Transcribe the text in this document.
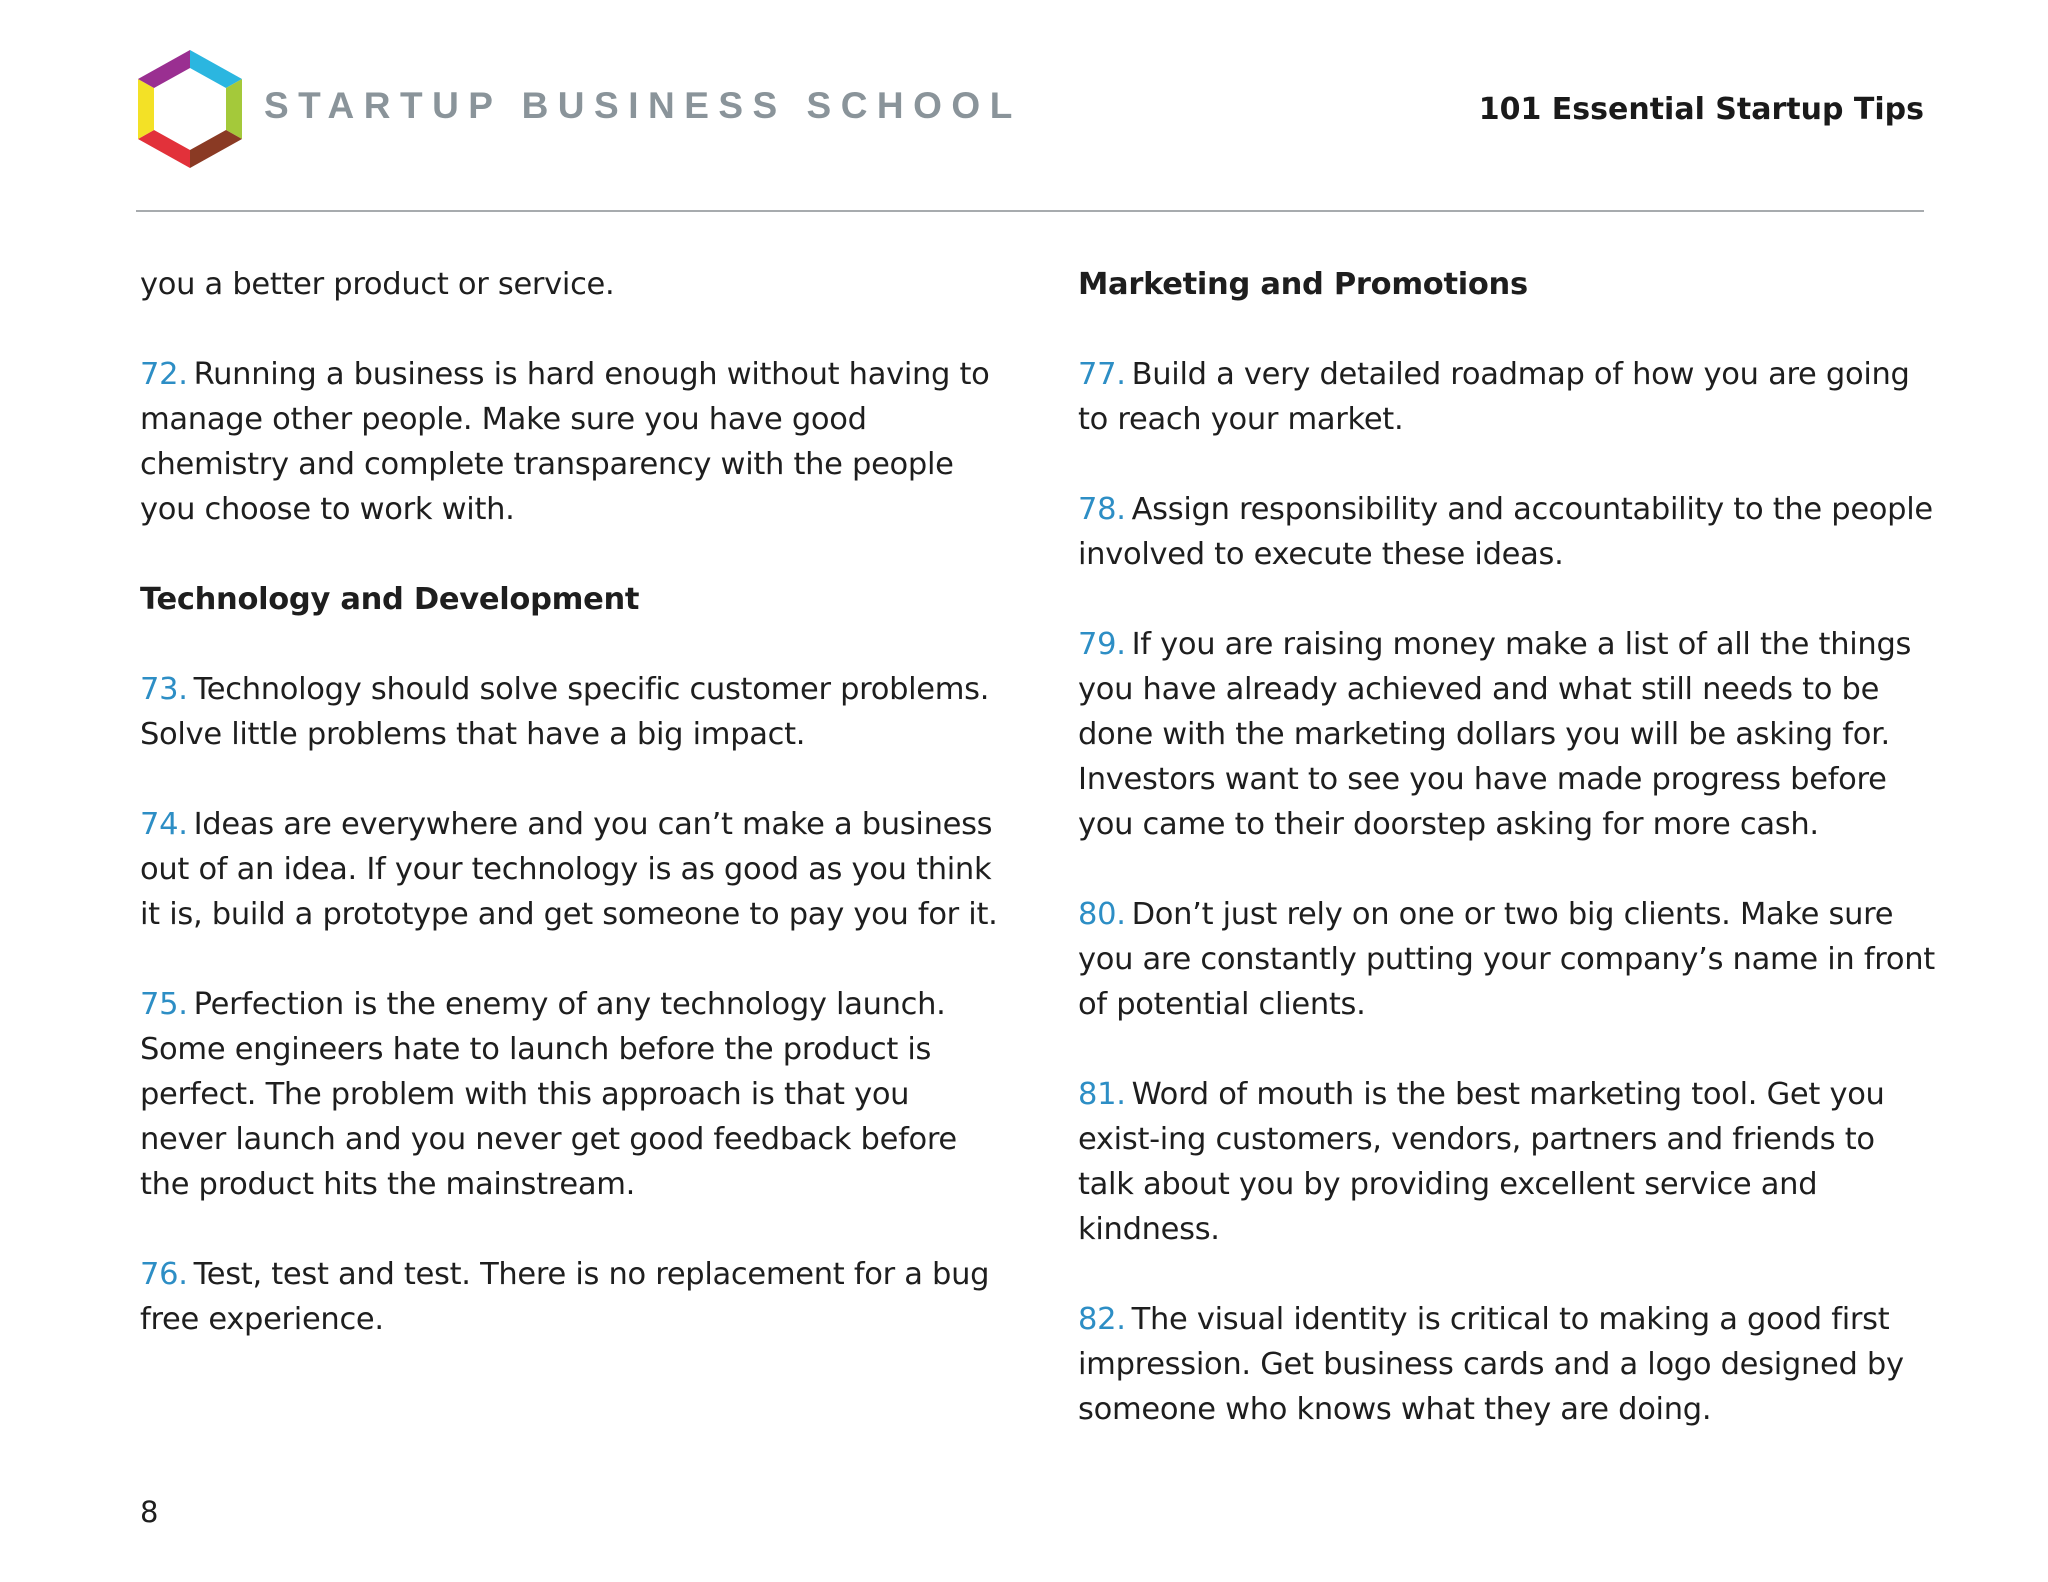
STARTUP BUSINESS SCHOOL	101 Essential Startup Tips

you a better product or service.

72. Running a business is hard enough without having to manage other people. Make sure you have good chemistry and complete transparency with the people you choose to work with.

Technology and Development

73. Technology should solve specific customer problems. Solve little problems that have a big impact.

74. Ideas are everywhere and you can’t make a business out of an idea. If your technology is as good as you think it is, build a prototype and get someone to pay you for it.

75. Perfection is the enemy of any technology launch. Some engineers hate to launch before the product is perfect. The problem with this approach is that you never launch and you never get good feedback before the product hits the mainstream.

76. Test, test and test. There is no replacement for a bug free experience.

Marketing and Promotions

77. Build a very detailed roadmap of how you are going to reach your market.

78. Assign responsibility and accountability to the people involved to execute these ideas.

79. If you are raising money make a list of all the things you have already achieved and what still needs to be done with the marketing dollars you will be asking for. Investors want to see you have made progress before you came to their doorstep asking for more cash.

80. Don’t just rely on one or two big clients. Make sure you are constantly putting your company’s name in front of potential clients.

81. Word of mouth is the best marketing tool. Get you exist-ing customers, vendors, partners and friends to talk about you by providing excellent service and kindness.

82. The visual identity is critical to making a good first impression. Get business cards and a logo designed by someone who knows what they are doing.

8
